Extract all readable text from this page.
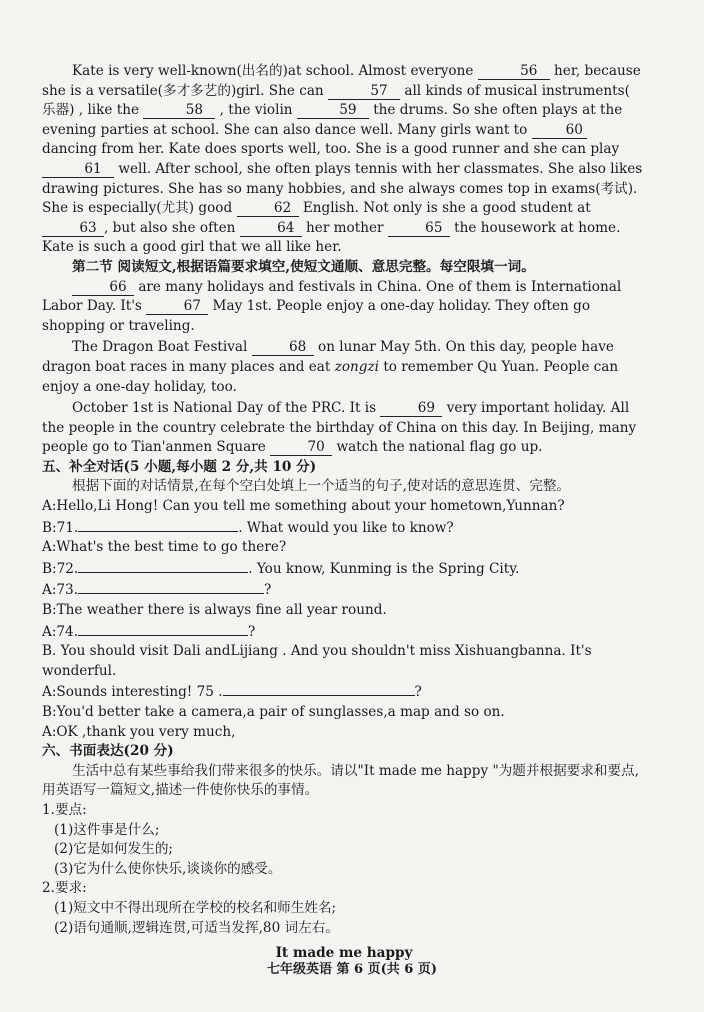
Kate is very well-known(出名的)at school. Almost everyone	56 her, because she is a versatile(多才多艺的)girl. She can	57 all kinds of musical instruments( 乐器) , like the	58 , the violin	59 the drums. So she often plays at the evening parties at school. She can also dance well. Many girls want to	60 dancing from her. Kate does sports well, too. She is a good runner and she can play 61 well. After school, she often plays tennis with her classmates. She also likes drawing pictures. She has so many hobbies, and she always comes top in exams(考试). She is especially(尤其) good	62 English. Not only is she a good student at 63 , but also she often	64 her mother	65 the housework at home. Kate is such a good girl that we all like her.

第二节 阅读短文,根据语篇要求填空,使短文通顺、意思完整。每空限填一词。

66 are many holidays and festivals in China. One of them is International Labor Day. It's	67 May 1st. People enjoy a one-day holiday. They often go shopping or traveling.

The Dragon Boat Festival	68 on lunar May 5th. On this day, people have dragon boat races in many places and eat zongzi to remember Qu Yuan. People can enjoy a one-day holiday, too.

October 1st is National Day of the PRC. It is	69 very important holiday. All the people in the country celebrate the birthday of China on this day. In Beijing, many people go to Tian'anmen Square	70 watch the national flag go up.

五、补全对话(5 小题,每小题 2 分,共 10 分)

根据下面的对话情景,在每个空白处填上一个适当的句子,使对话的意思连贯、完整。

A:Hello,Li Hong! Can you tell me something about your hometown,Yunnan?

B:71.	. What would you like to know?

A:What's the best time to go there?

B:72.	. You know, Kunming is the Spring City.

A:73.	?

B:The weather there is always fine all year round.

A:74.	?

B. You should visit Dali andLijiang . And you shouldn't miss Xishuangbanna. It's wonderful.

A:Sounds interesting! 75 .	?

B:You'd better take a camera,a pair of sunglasses,a map and so on.

A:OK ,thank you very much,

六、书面表达(20 分)

生活中总有某些事给我们带来很多的快乐。请以"It made me happy "为题并根据要求和要点,用英语写一篇短文,描述一件使你快乐的事情。

1.要点:

(1)这件事是什么;

(2)它是如何发生的;

(3)它为什么使你快乐,谈谈你的感受。

2.要求:

(1)短文中不得出现所在学校的校名和师生姓名;

(2)语句通顺,逻辑连贯,可适当发挥,80 词左右。

It made me happy

七年级英语 第 6 页(共 6 页)
